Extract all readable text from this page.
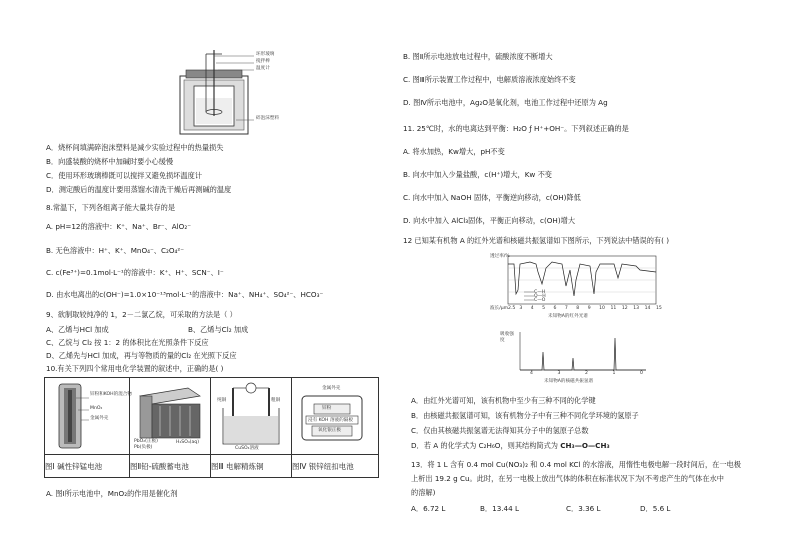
环形玻璃
搅拌棒
温度计
碎泡沫塑料
A．烧杯间填满碎泡沫塑料是减少实验过程中的热量损失
B．向盛装酸的烧杯中加碱时要小心缓慢
C．使用环形玻璃棒既可以搅拌又避免损坏温度计
D．测定酸后的温度计要用蒸馏水清洗干燥后再测碱的温度
8.常温下，下列各组离子能大量共存的是
A. pH=12的溶液中：K⁺、Na⁺、Br⁻、AlO₂⁻
B. 无色溶液中：H⁺、K⁺、MnO₄⁻、C₂O₄²⁻
C. c(Fe³⁺)=0.1mol·L⁻¹的溶液中：K⁺、H⁺、SCN⁻、I⁻
D. 由水电离出的c(OH⁻)=1.0×10⁻¹³mol·L⁻¹的溶液中：Na⁺、NH₄⁺、SO₄²⁻、HCO₃⁻
9、欲制取较纯净的 1，2－二氯乙烷，可采取的方法是（ ）
A、乙烯与HCl 加成	B、乙烯与Cl₂ 加成
C、乙烷与 Cl₂ 按 1：2 的体积比在光照条件下反应
D、乙烯先与HCl 加成，再与等物质的量的Cl₂ 在光照下反应
10.有关下列四个常用电化学装置的叙述中，正确的是( )
锌粉和KOH的混合物
MnO₂
金属外壳	PbO₂(正极)
Pb(负极)
H₂SO₄(aq)	纯铜 粗铜
CuSO₄溶液	金属外壳
锌粉
浸有 KOH 溶液的隔板
氧化银正极

图Ⅰ 碱性锌锰电池	图Ⅱ铅-硫酸蓄电池	图Ⅲ 电解精炼铜	图Ⅳ 银锌纽扣电池
A. 图Ⅰ所示电池中，MnO₂的作用是催化剂
B. 图Ⅱ所示电池放电过程中，硫酸浓度不断增大
C. 图Ⅲ所示装置工作过程中，电解质溶液浓度始终不变
D. 图Ⅳ所示电池中，Ag₂O是氧化剂，电池工作过程中还原为 Ag
11. 25℃时，水的电离达到平衡：H₂O ƒ H⁺+OH⁻。下列叙述正确的是
A. 将水加热，Kw增大，pH不变
B. 向水中加入少量盐酸，c(H⁺)增大，Kw 不变
C. 向水中加入 NaOH 固体，平衡逆向移动，c(OH)降低
D. 向水中加入 AlCl₃固体，平衡正向移动，c(OH)增大
12 已知某有机物 A 的红外光谱和核磁共振氢谱如下图所示，下列说法中错误的有( )
透过率/%
C—H
O—H
C—O
波长/μm 2.5 3 4 5 6 7 8 9 10 11 12 13 14 15
未知物A的红外光谱
吸收强度
4	3	2	1	0
未知物A的核磁共振氢谱
A．由红外光谱可知，该有机物中至少有三种不同的化学键
B．由核磁共振氢谱可知，该有机物分子中有三种不同化学环境的氢原子
C．仅由其核磁共振氢谱无法得知其分子中的氢原子总数
D．若 A 的化学式为 C₂H₆O，则其结构简式为 CH₃—O—CH₃
13．将 1 L 含有 0.4 mol Cu(NO₃)₂ 和 0.4 mol KCl 的水溶液，用惰性电极电解一段时间后，在一电极
上析出 19.2 g Cu。此时，在另一电极上放出气体的体积在标准状况下为(不考虑产生的气体在水中
的溶解)
A．6.72 L	B．13.44 L	C．3.36 L	D．5.6 L
